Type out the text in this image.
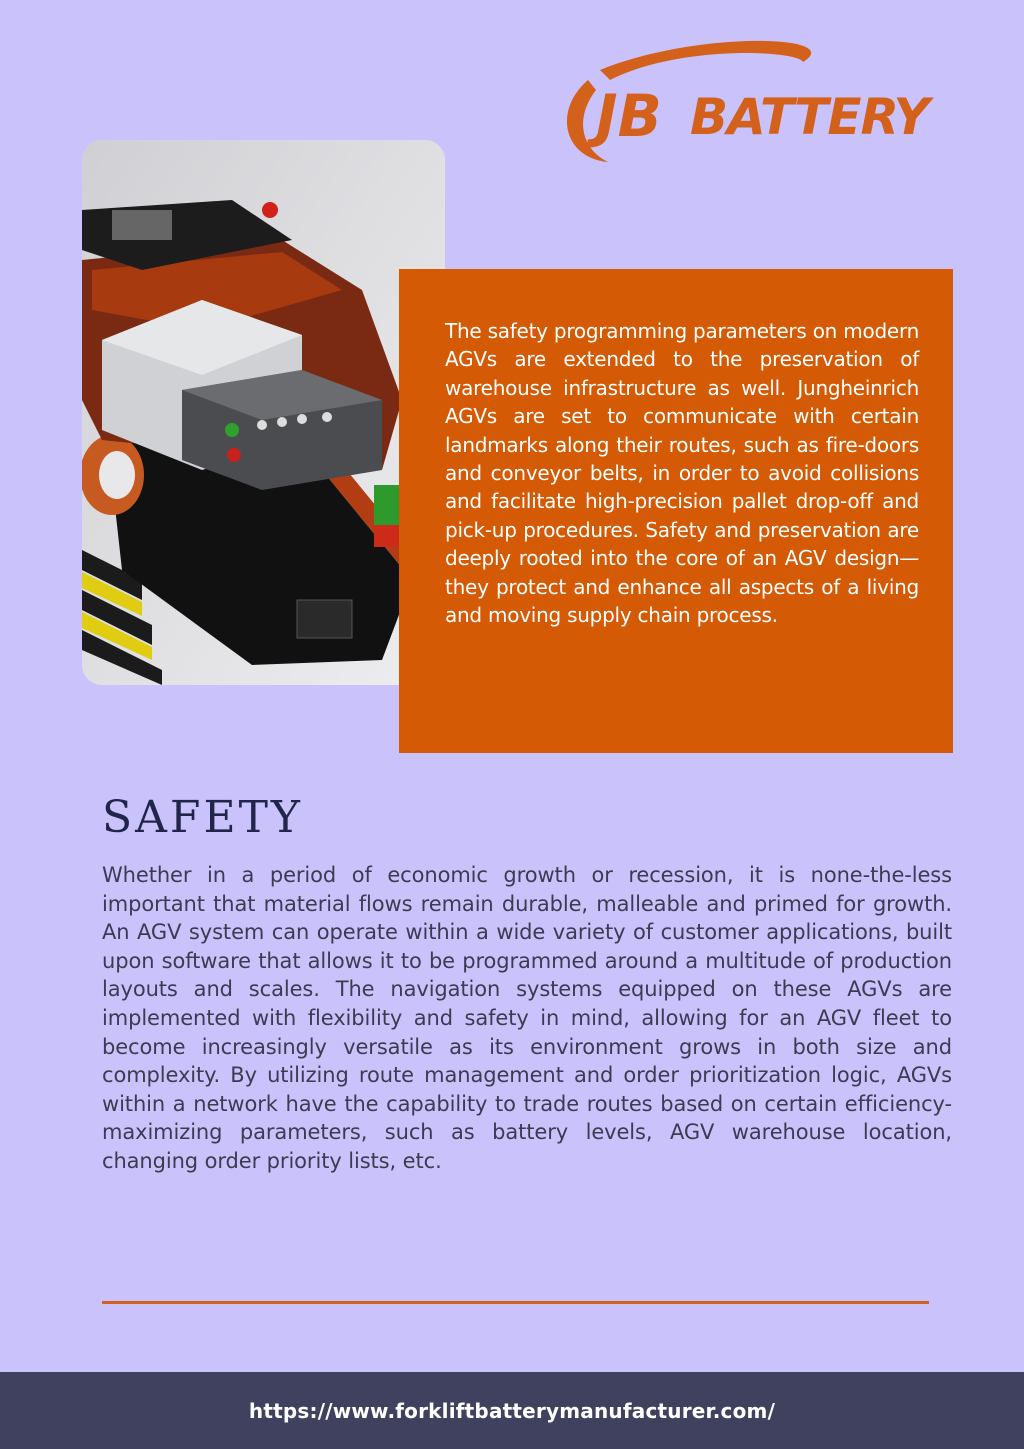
JB BATTERY

The safety programming parameters on modern AGVs are extended to the preservation of warehouse infrastructure as well. Jungheinrich AGVs are set to communicate with certain landmarks along their routes, such as fire-doors and conveyor belts, in order to avoid collisions and facilitate high-precision pallet drop-off and pick-up procedures. Safety and preservation are deeply rooted into the core of an AGV design—they protect and enhance all aspects of a living and moving supply chain process.

SAFETY

Whether in a period of economic growth or recession, it is none-the-less important that material flows remain durable, malleable and primed for growth. An AGV system can operate within a wide variety of customer applications, built upon software that allows it to be programmed around a multitude of production layouts and scales. The navigation systems equipped on these AGVs are implemented with flexibility and safety in mind, allowing for an AGV fleet to become increasingly versatile as its environment grows in both size and complexity. By utilizing route management and order prioritization logic, AGVs within a network have the capability to trade routes based on certain efficiency-maximizing parameters, such as battery levels, AGV warehouse location, changing order priority lists, etc.

https://www.forkliftbatterymanufacturer.com/
